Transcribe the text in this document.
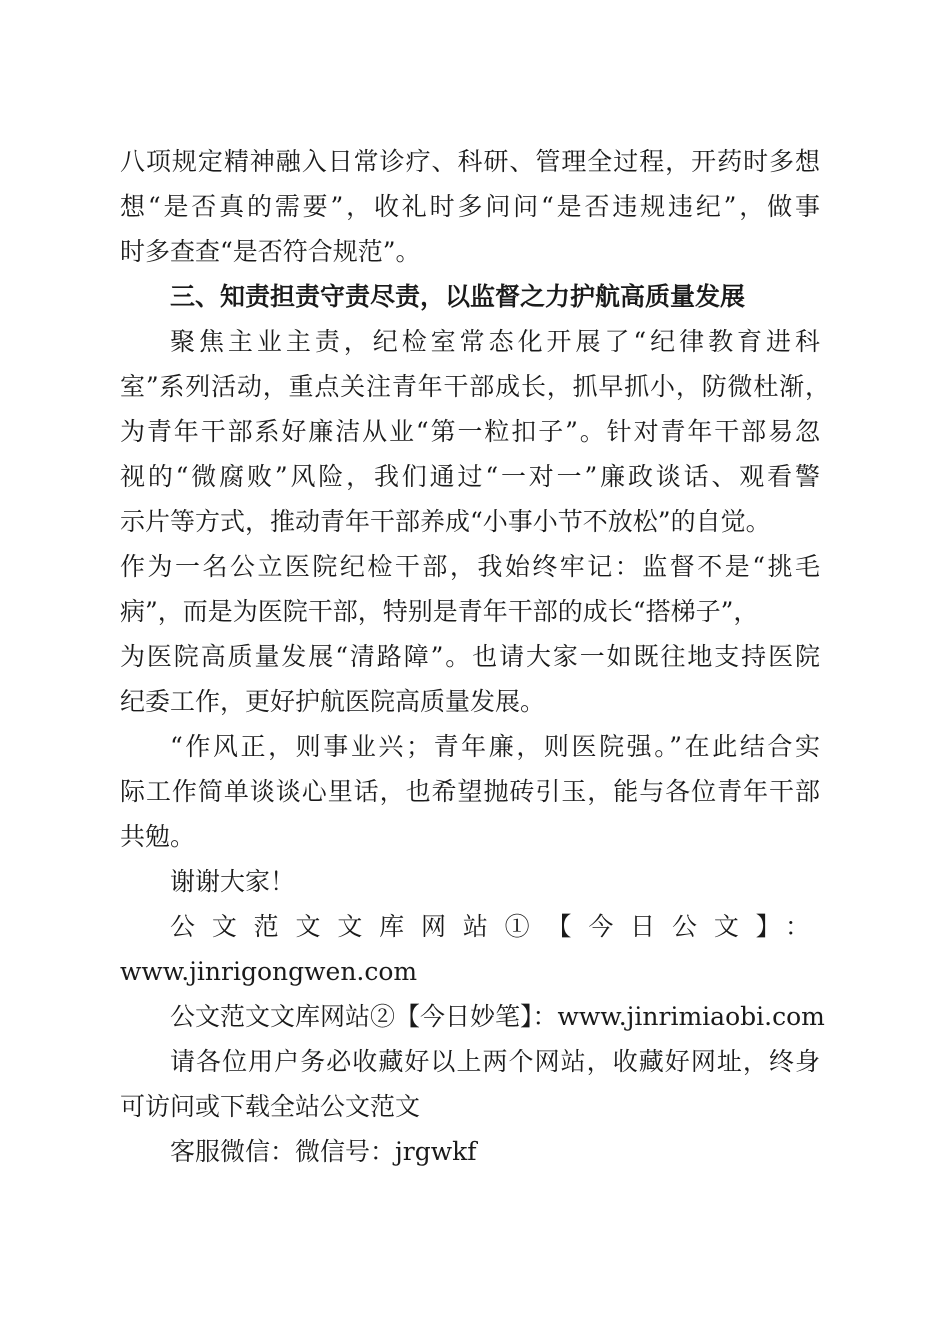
八项规定精神融入日常诊疗、科研、管理全过程，开药时多想
想“是否真的需要”，收礼时多问问“是否违规违纪”，做事
时多查查“是否符合规范”。
三、知责担责守责尽责，以监督之力护航高质量发展
聚焦主业主责，纪检室常态化开展了“纪律教育进科
室”系列活动，重点关注青年干部成长，抓早抓小，防微杜渐，
为青年干部系好廉洁从业“第一粒扣子”。针对青年干部易忽
视的“微腐败”风险，我们通过“一对一”廉政谈话、观看警
示片等方式，推动青年干部养成“小事小节不放松”的自觉。
作为一名公立医院纪检干部，我始终牢记：监督不是“挑毛
病”，而是为医院干部，特别是青年干部的成长“搭梯子”，
为医院高质量发展“清路障”。也请大家一如既往地支持医院
纪委工作，更好护航医院高质量发展。
“作风正，则事业兴；青年廉，则医院强。”在此结合实
际工作简单谈谈心里话，也希望抛砖引玉，能与各位青年干部
共勉。
谢谢大家！
公文范文文库网站①【今日公文】：
www.jinrigongwen.com
公文范文文库网站②【今日妙笔】：www.jinrimiaobi.com
请各位用户务必收藏好以上两个网站，收藏好网址，终身
可访问或下载全站公文范文
客服微信：微信号：jrgwkf
